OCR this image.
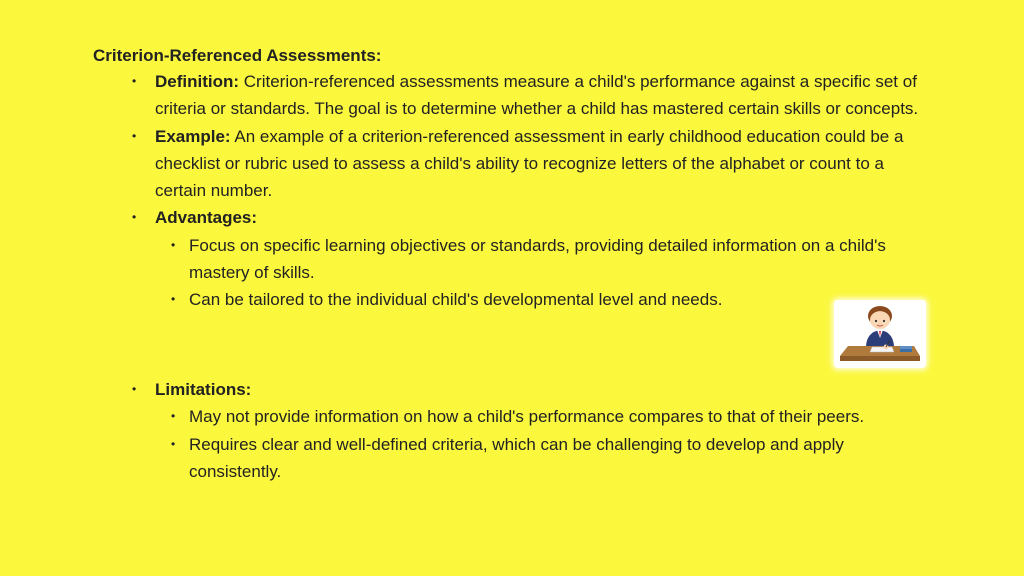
Criterion-Referenced Assessments:
• Definition: Criterion-referenced assessments measure a child's performance against a specific set of criteria or standards. The goal is to determine whether a child has mastered certain skills or concepts.
• Example: An example of a criterion-referenced assessment in early childhood education could be a checklist or rubric used to assess a child's ability to recognize letters of the alphabet or count to a certain number.
• Advantages:
• Focus on specific learning objectives or standards, providing detailed information on a child's mastery of skills.
• Can be tailored to the individual child's developmental level and needs.
• Limitations:
• May not provide information on how a child's performance compares to that of their peers.
• Requires clear and well-defined criteria, which can be challenging to develop and apply consistently.
